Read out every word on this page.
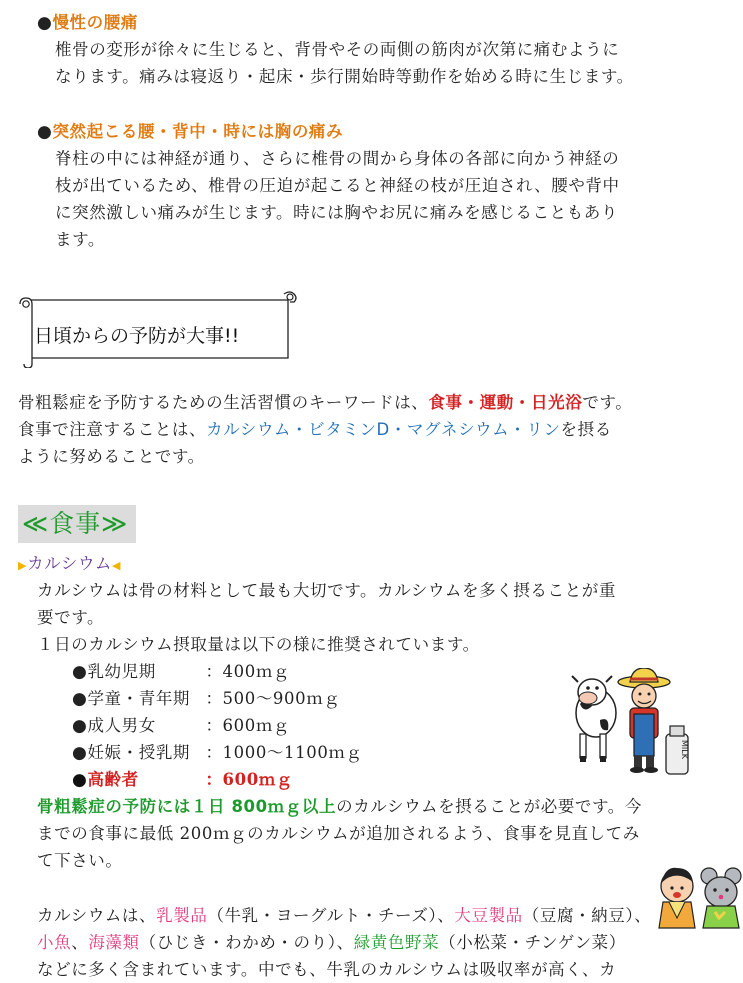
●慢性の腰痛
椎骨の変形が徐々に生じると、背骨やその両側の筋肉が次第に痛むように
なります。痛みは寝返り・起床・歩行開始時等動作を始める時に生じます。
●突然起こる腰・背中・時には胸の痛み
脊柱の中には神経が通り、さらに椎骨の間から身体の各部に向かう神経の
枝が出ているため、椎骨の圧迫が起こると神経の枝が圧迫され、腰や背中
に突然激しい痛みが生じます。時には胸やお尻に痛みを感じることもあり
ます。
日頃からの予防が大事!!
骨粗鬆症を予防するための生活習慣のキーワードは、食事・運動・日光浴です。
食事で注意することは、カルシウム・ビタミンD・マグネシウム・リンを摂る
ように努めることです。
≪食事≫
▶カルシウム◀
カルシウムは骨の材料として最も大切です。カルシウムを多く摂ることが重
要です。
１日のカルシウム摂取量は以下の様に推奨されています。
●乳幼児期	：400ｍｇ
●学童・青年期 ：500～900ｍｇ
●成人男女	：600ｍｇ
●妊娠・授乳期 ：1000～1100ｍｇ
●高齢者	：600ｍｇ
MILK
骨粗鬆症の予防には１日 800ｍｇ以上のカルシウムを摂ることが必要です。今
までの食事に最低 200ｍｇのカルシウムが追加されるよう、食事を見直してみ
て下さい。
カルシウムは、乳製品（牛乳・ヨーグルト・チーズ）、大豆製品（豆腐・納豆）、
小魚、海藻類（ひじき・わかめ・のり）、緑黄色野菜（小松菜・チンゲン菜）
などに多く含まれています。中でも、牛乳のカルシウムは吸収率が高く、カ
